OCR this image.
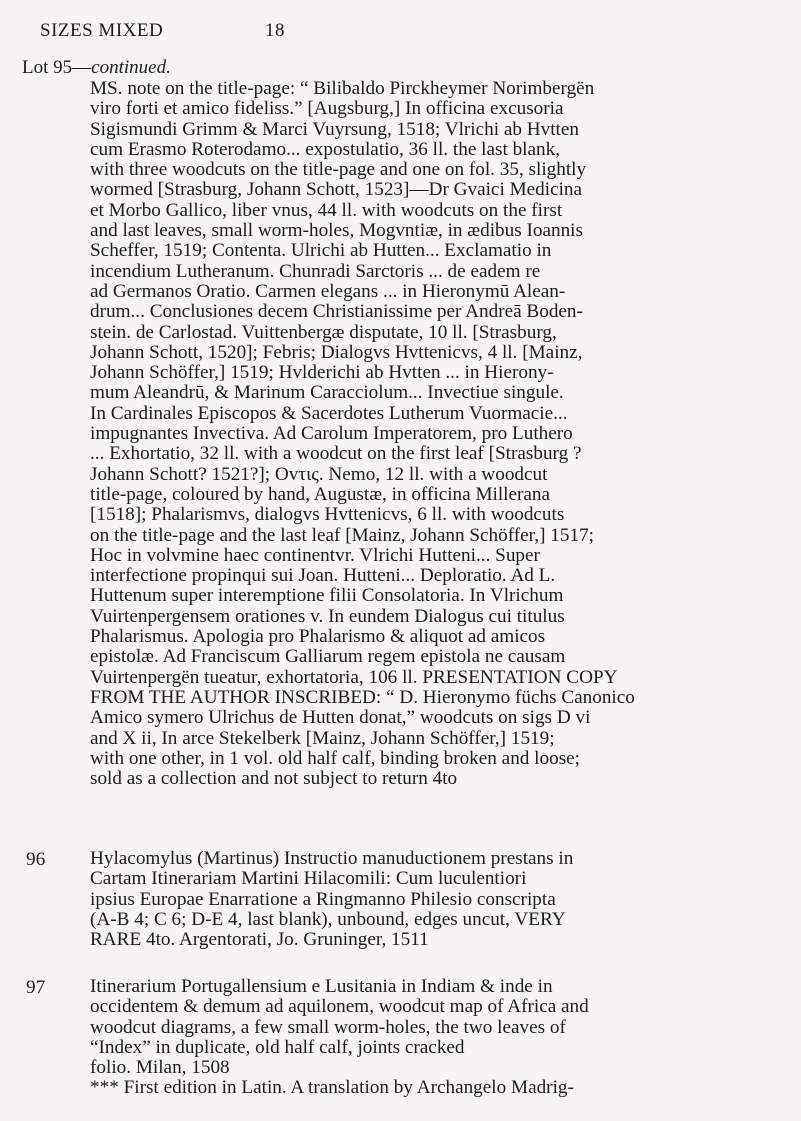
SIZES MIXED	18
Lot 95—continued.
MS. note on the title-page: “ Bilibaldo Pirckheymer Norimbergën
viro forti et amico fideliss.” [Augsburg,] In officina excusoria
Sigismundi Grimm & Marci Vuyrsung, 1518; Vlrichi ab Hvtten
cum Erasmo Roterodamo... expostulatio, 36 ll. the last blank,
with three woodcuts on the title-page and one on fol. 35, slightly
wormed [Strasburg, Johann Schott, 1523]—Dr Gvaici Medicina
et Morbo Gallico, liber vnus, 44 ll. with woodcuts on the first
and last leaves, small worm-holes, Mogvntiæ, in ædibus Ioannis
Scheffer, 1519; Contenta. Ulrichi ab Hutten... Exclamatio in
incendium Lutheranum. Chunradi Sarctoris ... de eadem re
ad Germanos Oratio. Carmen elegans ... in Hieronymū Alean-
drum... Conclusiones decem Christianissime per Andreā Boden-
stein. de Carlostad. Vuittenbergæ disputate, 10 ll. [Strasburg,
Johann Schott, 1520]; Febris; Dialogvs Hvttenicvs, 4 ll. [Mainz,
Johann Schöffer,] 1519; Hvlderichi ab Hvtten ... in Hierony-
mum Aleandrū, & Marinum Caracciolum... Invectiue singule.
In Cardinales Episcopos & Sacerdotes Lutherum Vuormacie...
impugnantes Invectiva. Ad Carolum Imperatorem, pro Luthero
... Exhortatio, 32 ll. with a woodcut on the first leaf [Strasburg ?
Johann Schott? 1521?]; Ovτις. Nemo, 12 ll. with a woodcut
title-page, coloured by hand, Augustæ, in officina Millerana
[1518]; Phalarismvs, dialogvs Hvttenicvs, 6 ll. with woodcuts
on the title-page and the last leaf [Mainz, Johann Schöffer,] 1517;
Hoc in volvmine haec continentvr. Vlrichi Hutteni... Super
interfectione propinqui sui Joan. Hutteni... Deploratio. Ad L.
Huttenum super interemptione filii Consolatoria. In Vlrichum
Vuirtenpergensem orationes v. In eundem Dialogus cui titulus
Phalarismus. Apologia pro Phalarismo & aliquot ad amicos
epistolæ. Ad Franciscum Galliarum regem epistola ne causam
Vuirtenpergën tueatur, exhortatoria, 106 ll. PRESENTATION COPY
FROM THE AUTHOR INSCRIBED: “ D. Hieronymo füchs Canonico
Amico symero Ulrichus de Hutten donat,” woodcuts on sigs D vi
and X ii, In arce Stekelberk [Mainz, Johann Schöffer,] 1519;
with one other, in 1 vol. old half calf, binding broken and loose;
sold as a collection and not subject to return 4to
96 Hylacomylus (Martinus) Instructio manuductionem prestans in
Cartam Itinerariam Martini Hilacomili: Cum luculentiori
ipsius Europae Enarratione a Ringmanno Philesio conscripta
(A-B 4; C 6; D-E 4, last blank), unbound, edges uncut, VERY
RARE 4to. Argentorati, Jo. Gruninger, 1511
97 Itinerarium Portugallensium e Lusitania in Indiam & inde in
occidentem & demum ad aquilonem, woodcut map of Africa and
woodcut diagrams, a few small worm-holes, the two leaves of
“Index” in duplicate, old half calf, joints cracked
folio. Milan, 1508
*** First edition in Latin. A translation by Archangelo Madrig-
